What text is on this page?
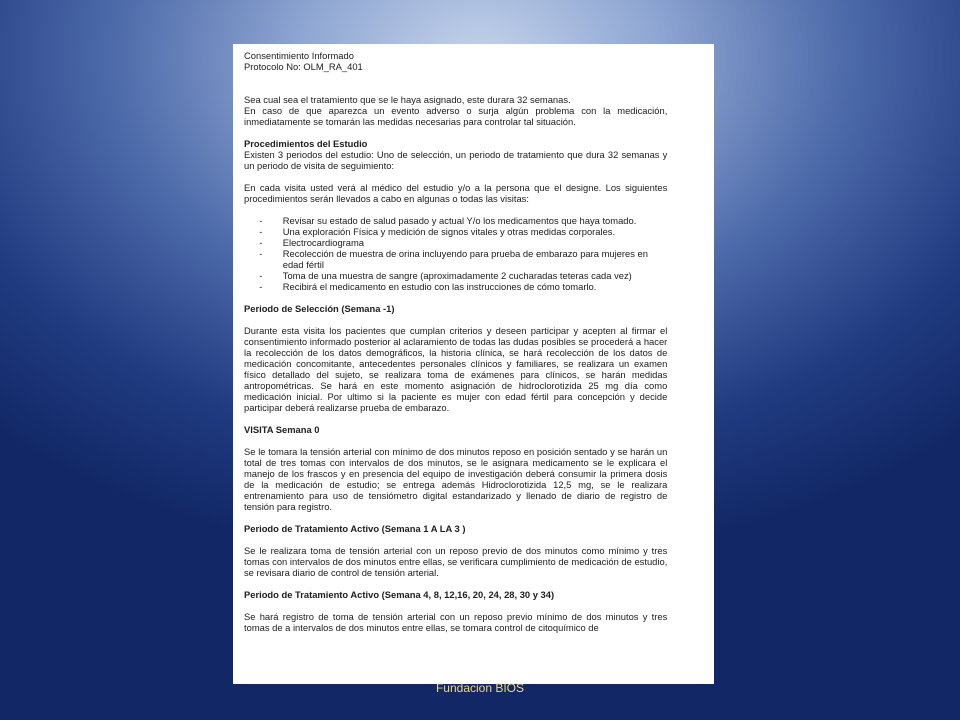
Consentimiento Informado

Protocolo No: OLM_RA_401

Sea cual sea el tratamiento que se le haya asignado, este durara 32 semanas.

En caso de que aparezca un evento adverso o surja algún problema con la medicación, inmediatamente se tomarán las medidas necesarias para controlar tal situación.

Procedimientos del Estudio

Existen 3 periodos del estudio: Uno de selección, un periodo de tratamiento que dura 32 semanas y un periodo de visita de seguimiento:

En cada visita usted verá al médico del estudio y/o a la persona que el designe. Los siguientes procedimientos serán llevados a cabo en algunas o todas las visitas:

- Revisar su estado de salud pasado y actual Y/o los medicamentos que haya tomado.
- Una exploración Física y medición de signos vitales y otras medidas corporales.
- Electrocardiograma
- Recolección de muestra de orina incluyendo para prueba de embarazo para mujeres en edad fértil
- Toma de una muestra de sangre (aproximadamente 2 cucharadas teteras cada vez)
- Recibirá el medicamento en estudio con las instrucciones de cómo tomarlo.

Periodo de Selección (Semana -1)

Durante esta visita los pacientes que cumplan criterios y deseen participar y acepten al firmar el consentimiento informado posterior al aclaramiento de todas las dudas posibles se procederá a hacer la recolección de los datos demográficos, la historia clínica, se hará recolección de los datos de medicación concomitante, antecedentes personales clínicos y familiares, se realizara un examen físico detallado del sujeto, se realizara toma de exámenes para clínicos, se harán medidas antropométricas. Se hará en este momento asignación de hidroclorotizida 25 mg día como medicación inicial. Por ultimo si la paciente es mujer con edad fértil para concepción y decide participar deberá realizarse prueba de embarazo.

VISITA Semana 0

Se le tomara la tensión arterial con mínimo de dos minutos reposo en posición sentado y se harán un total de tres tomas con intervalos de dos minutos, se le asignara medicamento se le explicara el manejo de los frascos y en presencia del equipo de investigación deberá consumir la primera dosis de la medicación de estudio; se entrega además Hidroclorotizida 12,5 mg, se le realizara entrenamiento para uso de tensiómetro digital estandarizado y llenado de diario de registro de tensión para registro.

Periodo de Tratamiento Activo (Semana 1 A LA 3 )

Se le realizara toma de tensión arterial con un reposo previo de dos minutos como mínimo y tres tomas con intervalos de dos minutos entre ellas, se verificara cumplimiento de medicación de estudio, se revisara diario de control de tensión arterial.

Periodo de Tratamiento Activo (Semana 4, 8, 12,16, 20, 24, 28, 30 y 34)

Se hará registro de toma de tensión arterial con un reposo previo mínimo de dos minutos y tres tomas de a intervalos de dos minutos entre ellas, se tomara control de citoquímico de

Fundacion BIOS
